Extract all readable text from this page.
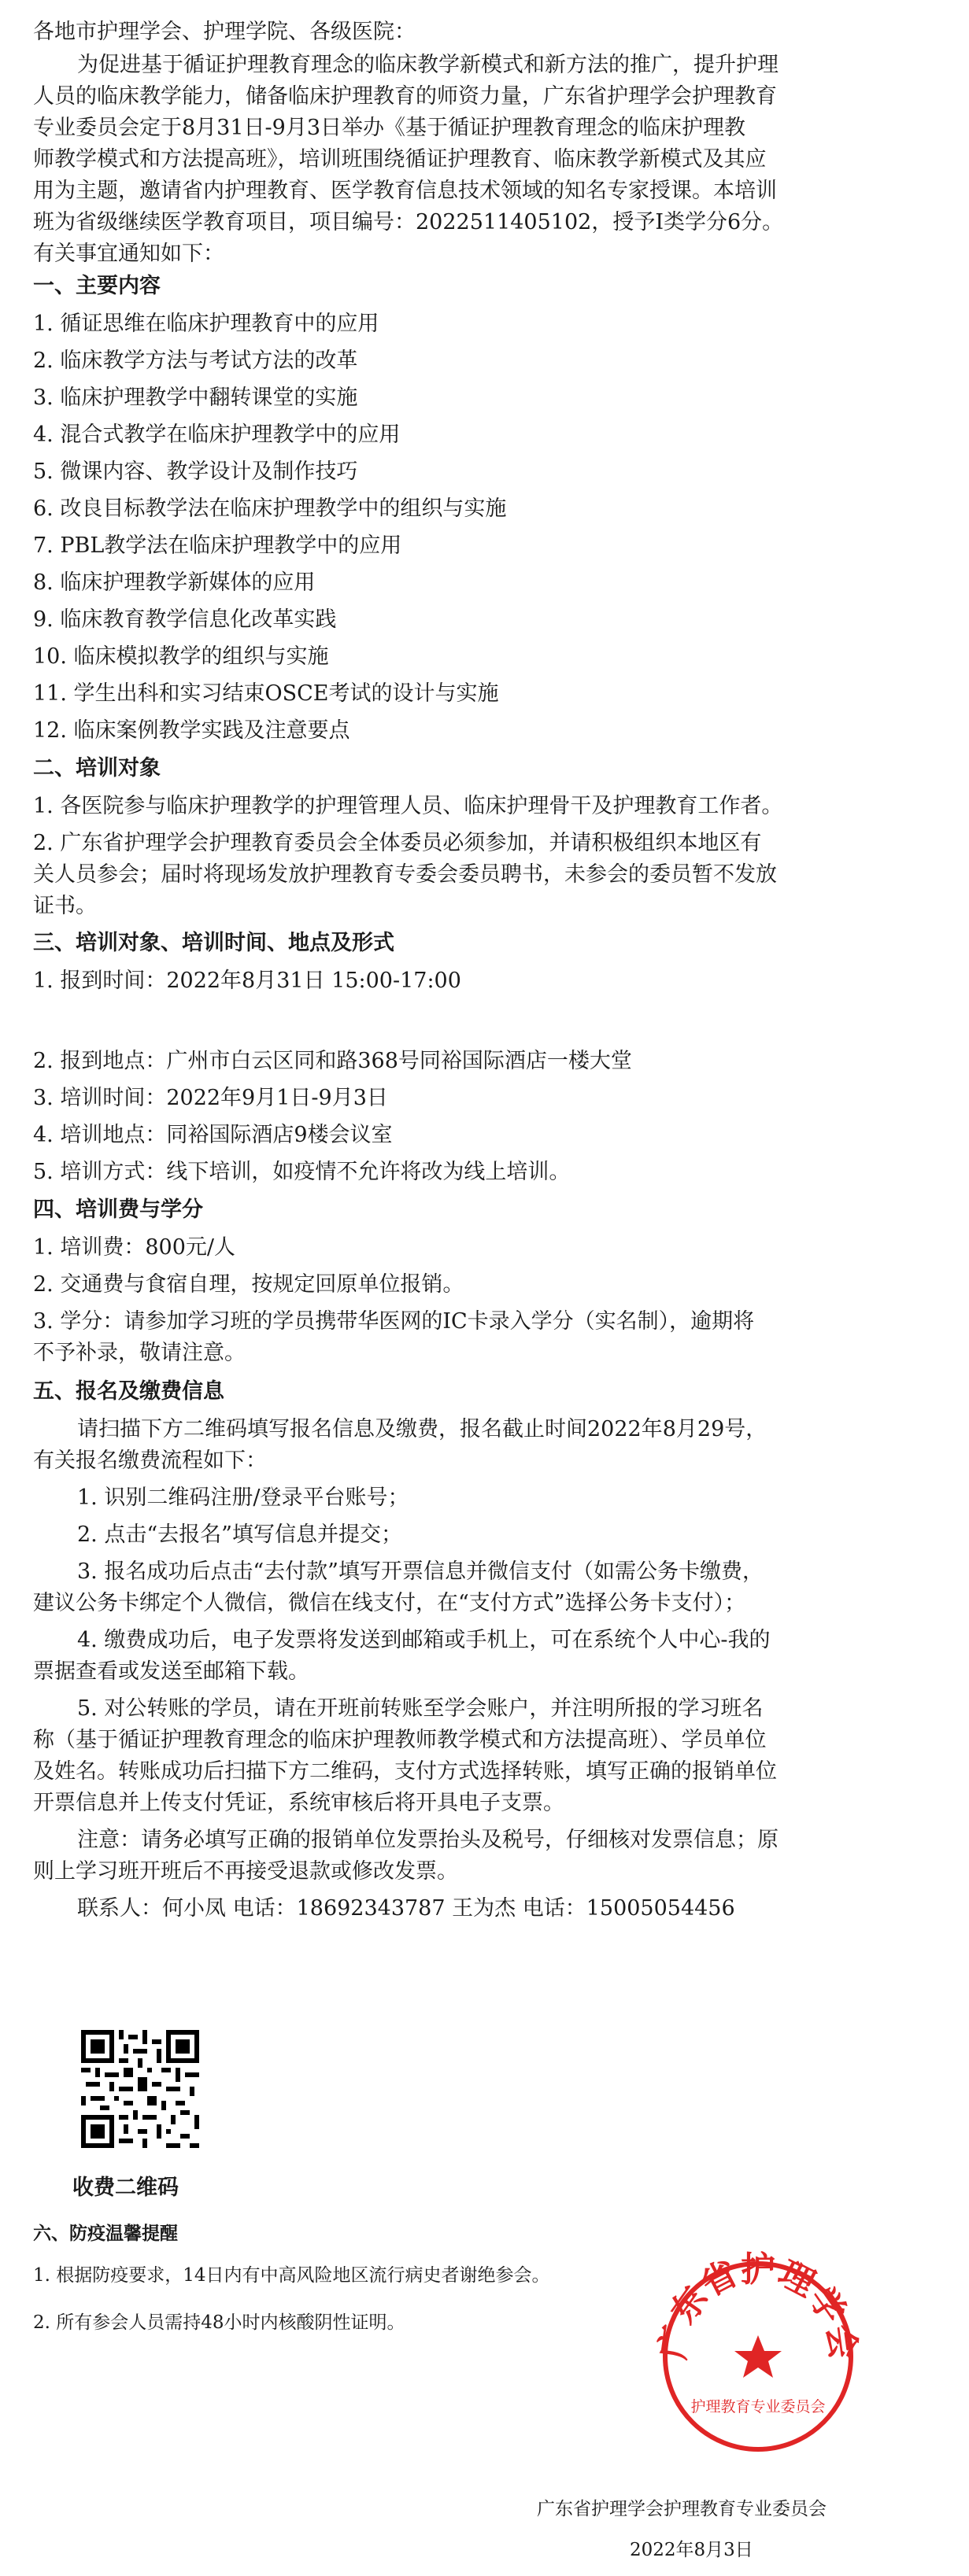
各地市护理学会、护理学院、各级医院：
为促进基于循证护理教育理念的临床教学新模式和新方法的推广，提升护理
人员的临床教学能力，储备临床护理教育的师资力量，广东省护理学会护理教育
专业委员会定于8月31日-9月3日举办《基于循证护理教育理念的临床护理教
师教学模式和方法提高班》，培训班围绕循证护理教育、临床教学新模式及其应
用为主题，邀请省内护理教育、医学教育信息技术领域的知名专家授课。本培训
班为省级继续医学教育项目，项目编号：2022511405102，授予Ⅰ类学分6分。
有关事宜通知如下：
一、主要内容
1. 循证思维在临床护理教育中的应用
2. 临床教学方法与考试方法的改革
3. 临床护理教学中翻转课堂的实施
4. 混合式教学在临床护理教学中的应用
5. 微课内容、教学设计及制作技巧
6. 改良目标教学法在临床护理教学中的组织与实施
7. PBL教学法在临床护理教学中的应用
8. 临床护理教学新媒体的应用
9. 临床教育教学信息化改革实践
10. 临床模拟教学的组织与实施
11. 学生出科和实习结束OSCE考试的设计与实施
12. 临床案例教学实践及注意要点
二、培训对象
1. 各医院参与临床护理教学的护理管理人员、临床护理骨干及护理教育工作者。
2. 广东省护理学会护理教育委员会全体委员必须参加，并请积极组织本地区有
关人员参会；届时将现场发放护理教育专委会委员聘书，未参会的委员暂不发放
证书。
三、培训对象、培训时间、地点及形式
1. 报到时间：2022年8月31日 15:00-17:00
2. 报到地点：广州市白云区同和路368号同裕国际酒店一楼大堂
3. 培训时间：2022年9月1日-9月3日
4. 培训地点：同裕国际酒店9楼会议室
5. 培训方式：线下培训，如疫情不允许将改为线上培训。
四、培训费与学分
1. 培训费：800元/人
2. 交通费与食宿自理，按规定回原单位报销。
3. 学分：请参加学习班的学员携带华医网的IC卡录入学分（实名制），逾期将
不予补录，敬请注意。
五、报名及缴费信息
请扫描下方二维码填写报名信息及缴费，报名截止时间2022年8月29号，
有关报名缴费流程如下：
1. 识别二维码注册/登录平台账号；
2. 点击“去报名”填写信息并提交；
3. 报名成功后点击“去付款”填写开票信息并微信支付（如需公务卡缴费，
建议公务卡绑定个人微信，微信在线支付，在“支付方式”选择公务卡支付）；
4. 缴费成功后，电子发票将发送到邮箱或手机上，可在系统个人中心-我的
票据查看或发送至邮箱下载。
5. 对公转账的学员，请在开班前转账至学会账户，并注明所报的学习班名
称（基于循证护理教育理念的临床护理教师教学模式和方法提高班）、学员单位
及姓名。转账成功后扫描下方二维码，支付方式选择转账，填写正确的报销单位
开票信息并上传支付凭证，系统审核后将开具电子支票。
注意：请务必填写正确的报销单位发票抬头及税号，仔细核对发票信息；原
则上学习班开班后不再接受退款或修改发票。
联系人：何小凤 电话：18692343787 王为杰 电话：15005054456
收费二维码
六、防疫温馨提醒
1. 根据防疫要求，14日内有中高风险地区流行病史者谢绝参会。
2. 所有参会人员需持48小时内核酸阴性证明。	广东省护理学会
护理教育专业委员会
广东省护理学会护理教育专业委员会
2022年8月3日
